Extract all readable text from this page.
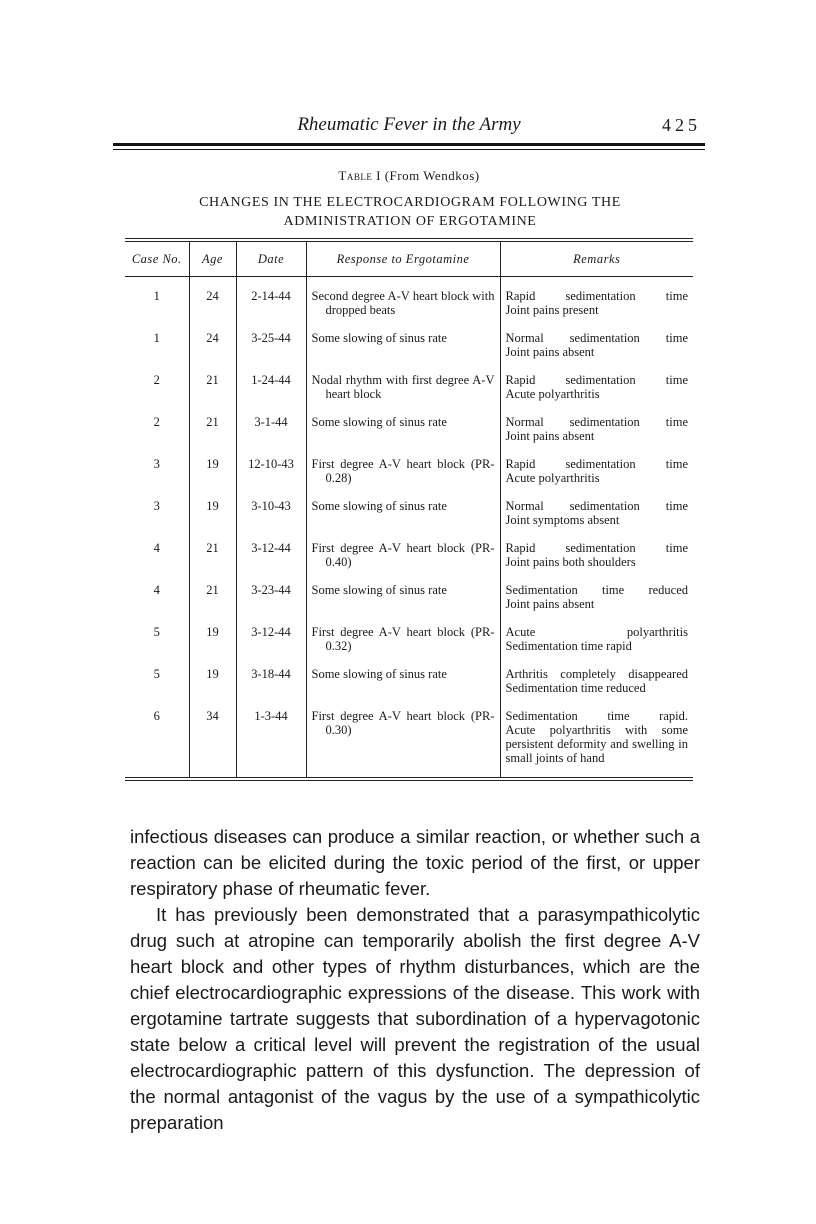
Rheumatic Fever in the Army	425
Table I (From Wendkos)
CHANGES IN THE ELECTROCARDIOGRAM FOLLOWING THE ADMINISTRATION OF ERGOTAMINE
Case No.	Age	Date	Response to Ergotamine	Remarks
1	24	2-14-44	Second degree A-V heart block with dropped beats	Rapid sedimentation time
Joint pains present

1	24	3-25-44	Some slowing of sinus rate	Normal sedimentation time
Joint pains absent

2	21	1-24-44	Nodal rhythm with first degree A-V heart block	Rapid sedimentation time
Acute polyarthritis

2	21	3-1-44	Some slowing of sinus rate	Normal sedimentation time
Joint pains absent

3	19	12-10-43	First degree A-V heart block (PR-0.28)	Rapid sedimentation time
Acute polyarthritis

3	19	3-10-43	Some slowing of sinus rate	Normal sedimentation time
Joint symptoms absent

4	21	3-12-44	First degree A-V heart block (PR-0.40)	Rapid sedimentation time
Joint pains both shoulders

4	21	3-23-44	Some slowing of sinus rate	Sedimentation time reduced
Joint pains absent

5	19	3-12-44	First degree A-V heart block (PR-0.32)	Acute polyarthritis
Sedimentation time rapid

5	19	3-18-44	Some slowing of sinus rate	Arthritis completely disappeared
Sedimentation time reduced

6	34	1-3-44	First degree A-V heart block (PR-0.30)	Sedimentation time rapid.
Acute polyarthritis with some persistent deformity and swelling in small joints of hand

infectious diseases can produce a similar reaction, or whether such a reaction can be elicited during the toxic period of the first, or upper respiratory phase of rheumatic fever.

It has previously been demonstrated that a parasympathicolytic drug such at atropine can temporarily abolish the first degree A-V heart block and other types of rhythm disturbances, which are the chief electrocardiographic expressions of the disease. This work with ergotamine tartrate suggests that subordination of a hypervagotonic state below a critical level will prevent the registration of the usual electrocardiographic pattern of this dysfunction. The depression of the normal antagonist of the vagus by the use of a sympathicolytic preparation
